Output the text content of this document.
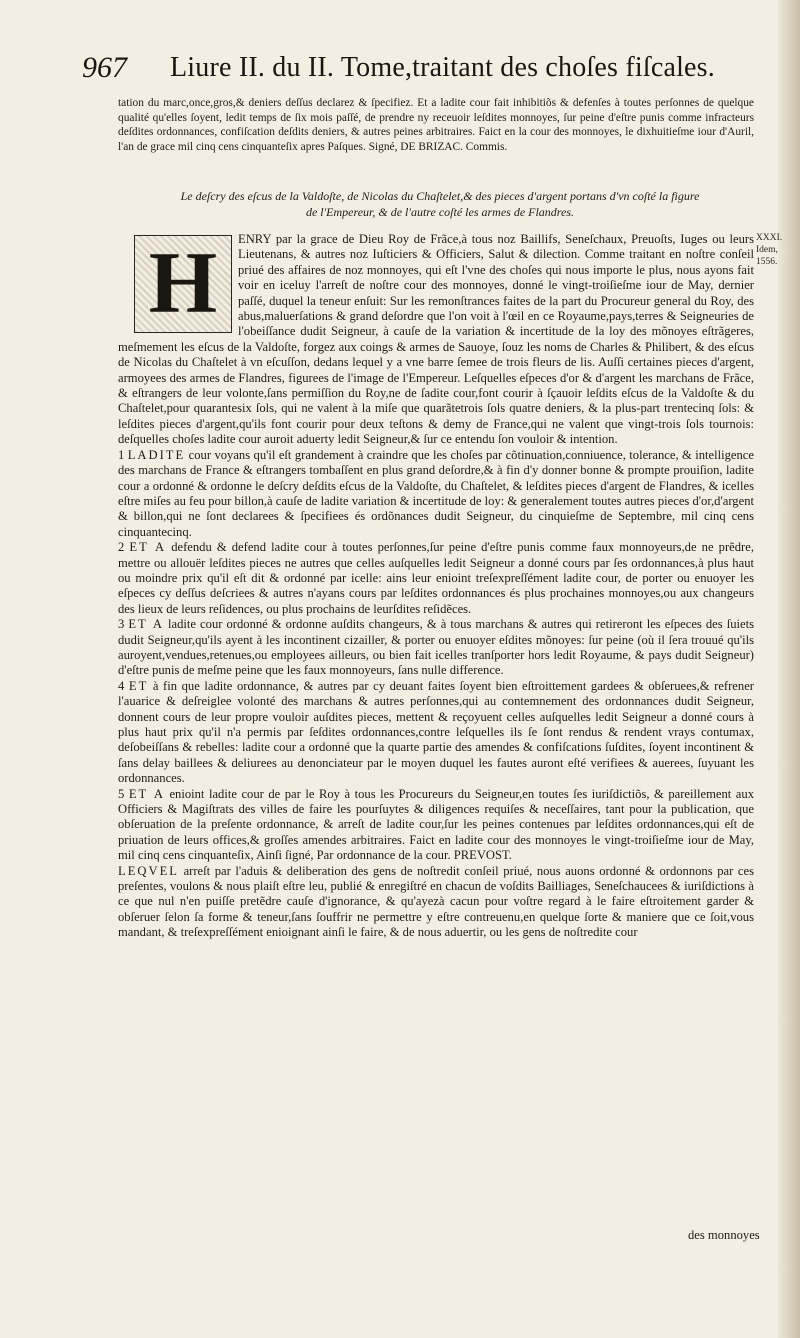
967 Liure II. du II. Tome,traitant des choſes fiſcales.
tation du marc,once,gros,& deniers deſſus declarez & ſpecifiez. Et a ladite cour fait inhibitiõs & defenſes à toutes perſonnes de quelque qualité qu'elles ſoyent, ledit temps de ſix mois paſſé, de prendre ny receuoir leſdites monnoyes, ſur peine d'eſtre punis comme infracteurs deſdites ordonnances, confiſcation deſdits deniers, & autres peines arbitraires. Faict en la cour des monnoyes, le dixhuitieſme iour d'Auril, l'an de grace mil cinq cens cinquanteſix apres Paſques. Signé, DE BRIZAC. Commis.
Le deſcry des eſcus de la Valdoſte, de Nicolas du Chaſtelet,& des pieces d'argent portans d'vn coſté la figure
de l'Empereur, & de l'autre coſté les armes de Flandres.
XXXI. Idem, 1556.
H	ENRY par la grace de Dieu Roy de Frãce,à tous noz Baillifs, Seneſchaux, Preuoſts, Iuges ou leurs Lieutenans, & autres noz Iuſticiers & Officiers, Salut & dilection. Comme traitant en noſtre conſeil priué des affaires de noz monnoyes, qui eſt l'vne des choſes qui nous importe le plus, nous ayons fait voir en iceluy l'arreſt de noſtre cour des monnoyes, donné le vingt-troiſieſme iour de May, dernier paſſé, duquel la teneur enſuit: Sur les remonſtrances faites de la part du Procureur general du Roy, des abus,maluerſations & grand deſordre que l'on voit à l'œil en ce Royaume,pays,terres & Seigneuries de l'obeiſſance dudit Seigneur, à cauſe de la variation & incertitude de la loy des mõnoyes eſtrãgeres, meſmement les eſcus de la Valdoſte, forgez aux coings & armes de Sauoye, ſouz les noms de Charles & Philibert, & des eſcus de Nicolas du Chaſtelet à vn eſcuſſon, dedans lequel y a vne barre ſemee de trois fleurs de lis. Auſſi certaines pieces d'argent, armoyees des armes de Flandres, figurees de l'image de l'Empereur. Leſquelles eſpeces d'or & d'argent les marchans de Frãce, & eſtrangers de leur volonte,ſans permiſſion du Roy,ne de ſadite cour,font courir à ſçauoir leſdits eſcus de la Valdoſte & du Chaſtelet,pour quarantesix ſols, qui ne valent à la miſe que quarãtetrois ſols quatre deniers, & la plus-part trentecinq ſols: & leſdites pieces d'argent,qu'ils font courir pour deux teſtons & demy de France,qui ne valent que vingt-trois ſols tournois: deſquelles choſes ladite cour auroit aduerty ledit Seigneur,& ſur ce entendu ſon vouloir & intention.

1 LADITE cour voyans qu'il eſt grandement à craindre que les choſes par cõtinuation,conniuence, tolerance, & intelligence des marchans de France & eſtrangers tombaſſent en plus grand deſordre,& à fin d'y donner bonne & prompte prouiſion, ladite cour a ordonné & ordonne le deſcry deſdits eſcus de la Valdoſte, du Chaſtelet, & leſdites pieces d'argent de Flandres, & icelles eſtre miſes au feu pour billon,à cauſe de ladite variation & incertitude de loy: & generalement toutes autres pieces d'or,d'argent & billon,qui ne ſont declarees & ſpecifiees és ordõnances dudit Seigneur, du cinquieſme de Septembre, mil cinq cens cinquantecinq.

2 ET A defendu & defend ladite cour à toutes perſonnes,ſur peine d'eſtre punis comme faux monnoyeurs,de ne prẽdre, mettre ou allouër leſdites pieces ne autres que celles auſquelles ledit Seigneur a donné cours par ſes ordonnances,à plus haut ou moindre prix qu'il eſt dit & ordonné par icelle: ains leur enioint treſexpreſſément ladite cour, de porter ou enuoyer les eſpeces cy deſſus deſcriees & autres n'ayans cours par leſdites ordonnances és plus prochaines monnoyes,ou aux changeurs des lieux de leurs reſidences, ou plus prochains de leurſdites reſidẽces.

3 ET A ladite cour ordonné & ordonne auſdits changeurs, & à tous marchans & autres qui retireront les eſpeces des ſuiets dudit Seigneur,qu'ils ayent à les incontinent cizailler, & porter ou enuoyer eſdites mõnoyes: ſur peine (où il ſera trouué qu'ils auroyent,vendues,retenues,ou employees ailleurs, ou bien fait icelles tranſporter hors ledit Royaume, & pays dudit Seigneur) d'eſtre punis de meſme peine que les faux monnoyeurs, ſans nulle difference.

4 ET à fin que ladite ordonnance, & autres par cy deuant faites ſoyent bien eſtroittement gardees & obſeruees,& refrener l'auarice & deſreiglee volonté des marchans & autres perſonnes,qui au contemnement des ordonnances dudit Seigneur, donnent cours de leur propre vouloir auſdites pieces, mettent & reçoyuent celles auſquelles ledit Seigneur a donné cours à plus haut prix qu'il n'a permis par ſeſdites ordonnances,contre leſquelles ils ſe ſont rendus & rendent vrays contumax, deſobeiſſans & rebelles: ladite cour a ordonné que la quarte partie des amendes & confiſcations ſuſdites, ſoyent incontinent & ſans delay baillees & deliurees au denonciateur par le moyen duquel les fautes auront eſté verifiees & auerees, ſuyuant les ordonnances.

5 ET A enioint ladite cour de par le Roy à tous les Procureurs du Seigneur,en toutes ſes iuriſdictiõs, & pareillement aux Officiers & Magiſtrats des villes de faire les pourſuytes & diligences requiſes & neceſſaires, tant pour la publication, que obſeruation de la preſente ordonnance, & arreſt de ladite cour,ſur les peines contenues par leſdites ordonnances,qui eſt de priuation de leurs offices,& groſſes amendes arbitraires. Faict en ladite cour des monnoyes le vingt-troiſieſme iour de May, mil cinq cens cinquanteſix, Ainſi ſigné, Par ordonnance de la cour. PREVOST.

LEQVEL arreſt par l'aduis & deliberation des gens de noſtredit conſeil priué, nous auons ordonné & ordonnons par ces preſentes, voulons & nous plaiſt eſtre leu, publié & enregiſtré en chacun de voſdits Bailliages, Seneſchaucees & iuriſdictions à ce que nul n'en puiſſe pretẽdre cauſe d'ignorance, & qu'ayezà cacun pour voſtre regard à le faire eſtroitement garder & obſeruer ſelon ſa forme & teneur,ſans ſouffrir ne permettre y eſtre contreuenu,en quelque ſorte & maniere que ce ſoit,vous mandant, & treſexpreſſément enioignant ainſi le faire, & de nous aduertir, ou les gens de noſtredite cour

des monnoyes
